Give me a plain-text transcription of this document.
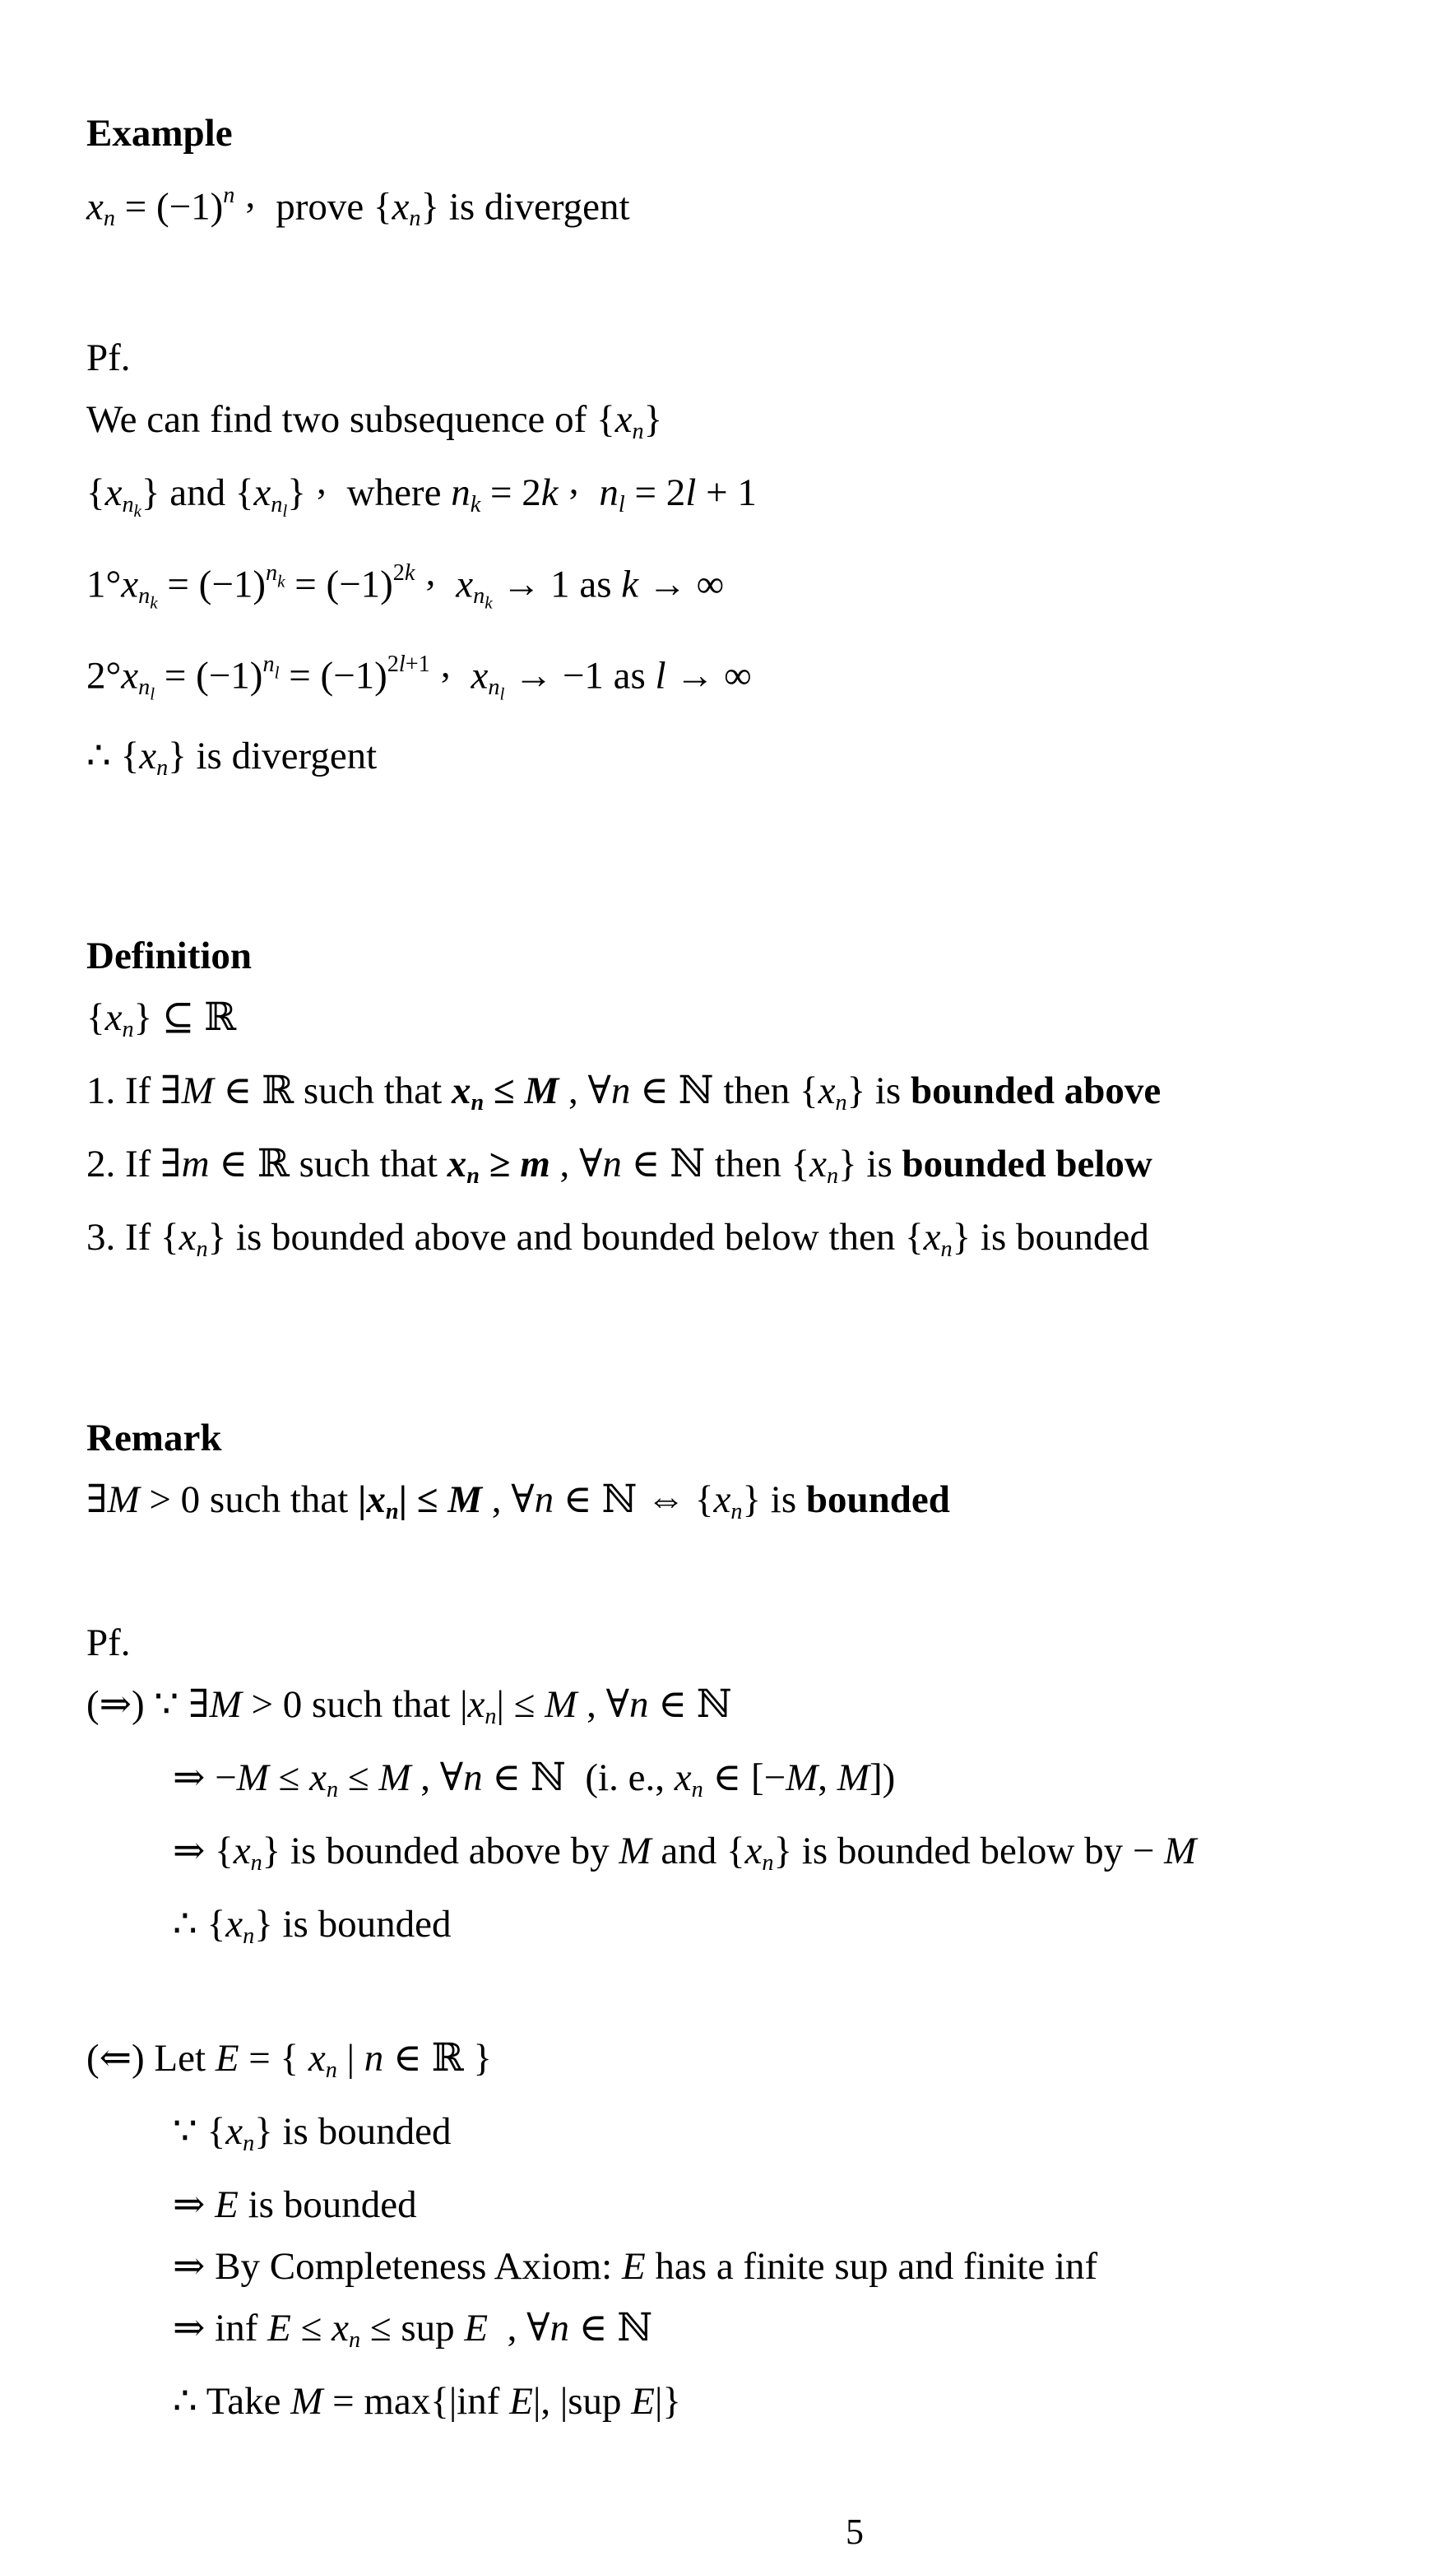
Example
xn = $(-1)^n$ , prove {xn} is divergent
Pf.
We can find two subsequence of {xn}
$\{xn_k\}$ and $\{xn_l\}$ , where nk = 2k , nl = 2l + 1
$1^\circ xn_k = (-1)^{nk} = (-1)^{2k}$ , $xn_k \to 1$ as k → ∞
$2^\circ xn_l = (-1)^{nl} = (-1)^{2l+1}$ , $xn_l \to -1$ as l → ∞
∴ {xn} is divergent
Definition
{xn} ⊆ ℝ
1. If ∃M ∈ ℝ such that xn ≤ M , ∀n ∈ ℕ then {xn} is bounded above
2. If ∃m ∈ ℝ such that xn ≥ m , ∀n ∈ ℕ then {xn} is bounded below
3. If {xn} is bounded above and bounded below then {xn} is bounded
Remark
∃M > 0 such that |xn| ≤ M , ∀n ∈ ℕ ⇔ {xn} is bounded
Pf.
(⇒) ∵ ∃M > 0 such that |xn| ≤ M , ∀n ∈ ℕ
⇒ −M ≤ xn ≤ M , ∀n ∈ ℕ  (i. e., xn ∈ [−M, M])
⇒ {xn} is bounded above by M and {xn} is bounded below by − M
∴ {xn} is bounded
(⇐) Let E = { xn | n ∈ ℝ }
∵ {xn} is bounded
⇒ E is bounded
⇒ By Completeness Axiom: E has a finite sup and finite inf
⇒ inf E ≤ xn ≤ sup E  , ∀n ∈ ℕ
∴ Take M = max{|inf E|, |sup E|}
5
